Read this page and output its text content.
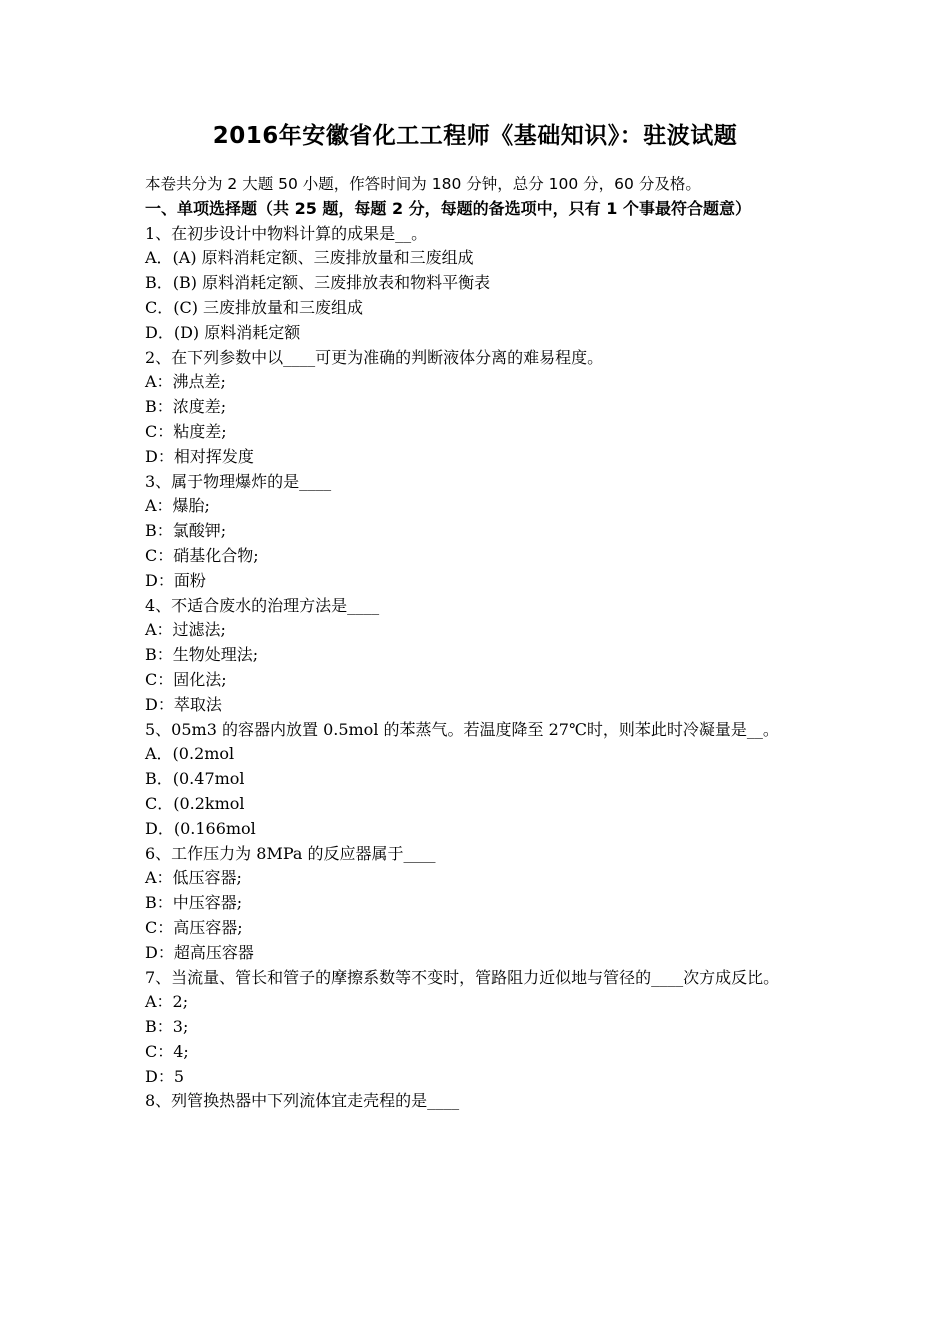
2016年安徽省化工工程师《基础知识》：驻波试题
本卷共分为 2 大题 50 小题，作答时间为 180 分钟，总分 100 分，60 分及格。
一、单项选择题（共 25 题，每题 2 分，每题的备选项中，只有 1 个事最符合题意）
1、在初步设计中物料计算的成果是__。
A．(A) 原料消耗定额、三废排放量和三废组成
B．(B) 原料消耗定额、三废排放表和物料平衡表
C．(C) 三废排放量和三废组成
D．(D) 原料消耗定额
2、在下列参数中以____可更为准确的判断液体分离的难易程度。
A：沸点差;
B：浓度差;
C：粘度差;
D：相对挥发度
3、属于物理爆炸的是____
A：爆胎;
B：氯酸钾;
C：硝基化合物;
D：面粉
4、不适合废水的治理方法是____
A：过滤法;
B：生物处理法;
C：固化法;
D：萃取法
5、05m3 的容器内放置 0.5mol 的苯蒸气。若温度降至 27℃时，则苯此时冷凝量是__。
A．(0.2mol
B．(0.47mol
C．(0.2kmol
D．(0.166mol
6、工作压力为 8MPa 的反应器属于____
A：低压容器;
B：中压容器;
C：高压容器;
D：超高压容器
7、当流量、管长和管子的摩擦系数等不变时，管路阻力近似地与管径的____次方成反比。
A：2;
B：3;
C：4;
D：5
8、列管换热器中下列流体宜走壳程的是____
